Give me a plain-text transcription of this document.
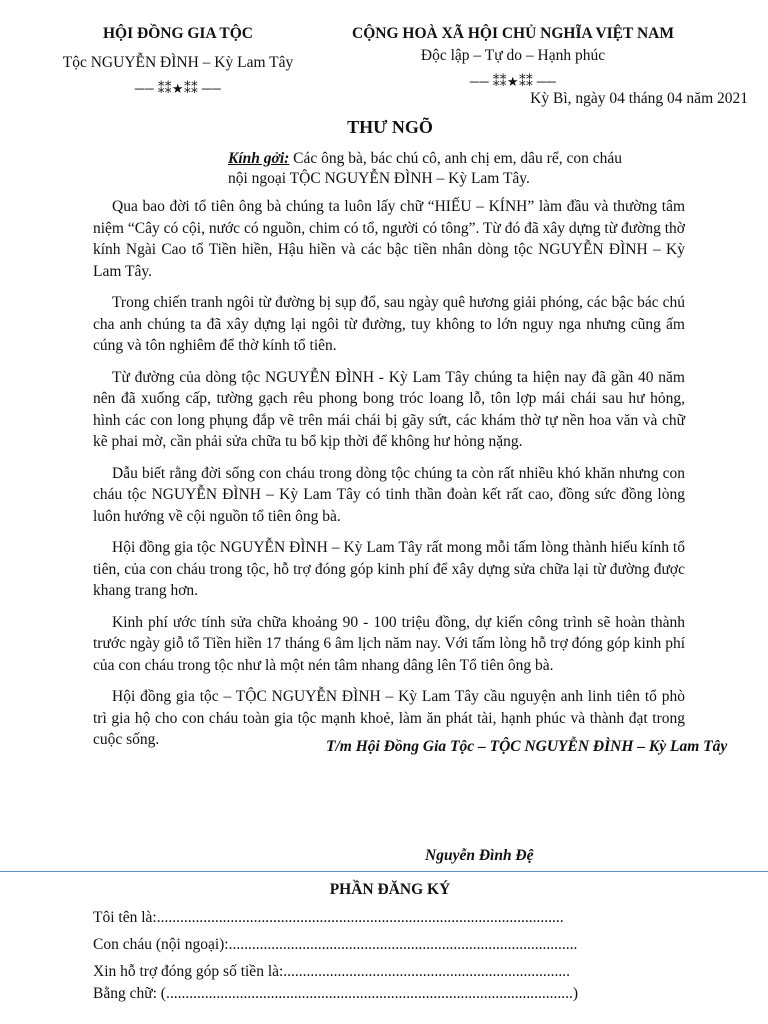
HỘI ĐỒNG GIA TỘC
Tộc NGUYỄN ĐÌNH – Kỳ Lam Tây
── ⁑⁑★⁑⁑ ──
CỘNG HOÀ XÃ HỘI CHỦ NGHĨA VIỆT NAM
Độc lập – Tự do – Hạnh phúc
── ⁑⁑★⁑⁑ ──
Kỳ Bì, ngày 04 tháng 04 năm 2021
THƯ NGÕ
Kính gởi: Các ông bà, bác chú cô, anh chị em, dâu rể, con cháu
nội ngoại TỘC NGUYỄN ĐÌNH – Kỳ Lam Tây.

Qua bao đời tổ tiên ông bà chúng ta luôn lấy chữ “HIẾU – KÍNH” làm đầu và thường tâm niệm “Cây có cội, nước có nguồn, chim có tổ, người có tông”. Từ đó đã xây dựng từ đường thờ kính Ngài Cao tổ Tiền hiền, Hậu hiền và các bậc tiền nhân dòng tộc NGUYỄN ĐÌNH – Kỳ Lam Tây.

Trong chiến tranh ngôi từ đường bị sụp đổ, sau ngày quê hương giải phóng, các bậc bác chú cha anh chúng ta đã xây dựng lại ngôi từ đường, tuy không to lớn nguy nga nhưng cũng ấm cúng và tôn nghiêm để thờ kính tổ tiên.

Từ đường của dòng tộc NGUYỄN ĐÌNH - Kỳ Lam Tây chúng ta hiện nay đã gần 40 năm nên đã xuống cấp, tường gạch rêu phong bong tróc loang lỗ, tôn lợp mái chái sau hư hỏng, hình các con long phụng đắp vẽ trên mái chái bị gãy sứt, các khám thờ tự nền hoa văn và chữ kẽ phai mờ, cần phải sửa chữa tu bổ kịp thời để không hư hỏng nặng.

Dẫu biết rằng đời sống con cháu trong dòng tộc chúng ta còn rất nhiều khó khăn nhưng con cháu tộc NGUYỄN ĐÌNH – Kỳ Lam Tây có tinh thần đoàn kết rất cao, đồng sức đồng lòng luôn hướng về cội nguồn tổ tiên ông bà.

Hội đồng gia tộc NGUYỄN ĐÌNH – Kỳ Lam Tây rất mong mỗi tấm lòng thành hiếu kính tổ tiên, của con cháu trong tộc, hỗ trợ đóng góp kinh phí để xây dựng sửa chữa lại từ đường được khang trang hơn.

Kinh phí ước tính sửa chữa khoảng 90 - 100 triệu đồng, dự kiến công trình sẽ hoàn thành trước ngày giỗ tổ Tiền hiền 17 tháng 6 âm lịch năm nay. Với tấm lòng hỗ trợ đóng góp kinh phí của con cháu trong tộc như là một nén tâm nhang dâng lên Tổ tiên ông bà.

Hội đồng gia tộc – TỘC NGUYỄN ĐÌNH – Kỳ Lam Tây cầu nguyện anh linh tiên tổ phò trì gia hộ cho con cháu toàn gia tộc mạnh khoẻ, làm ăn phát tài, hạnh phúc và thành đạt trong cuộc sống.	T/m Hội Đồng Gia Tộc – TỘC NGUYỄN ĐÌNH – Kỳ Lam Tây
Nguyễn Đình Đệ
PHẦN ĐĂNG KÝ
Tôi tên là:.........................................................................................................
Con cháu (nội ngoại):..........................................................................................
Xin hỗ trợ đóng góp số tiền là:..........................................................................
Bằng chữ: (.........................................................................................................)
